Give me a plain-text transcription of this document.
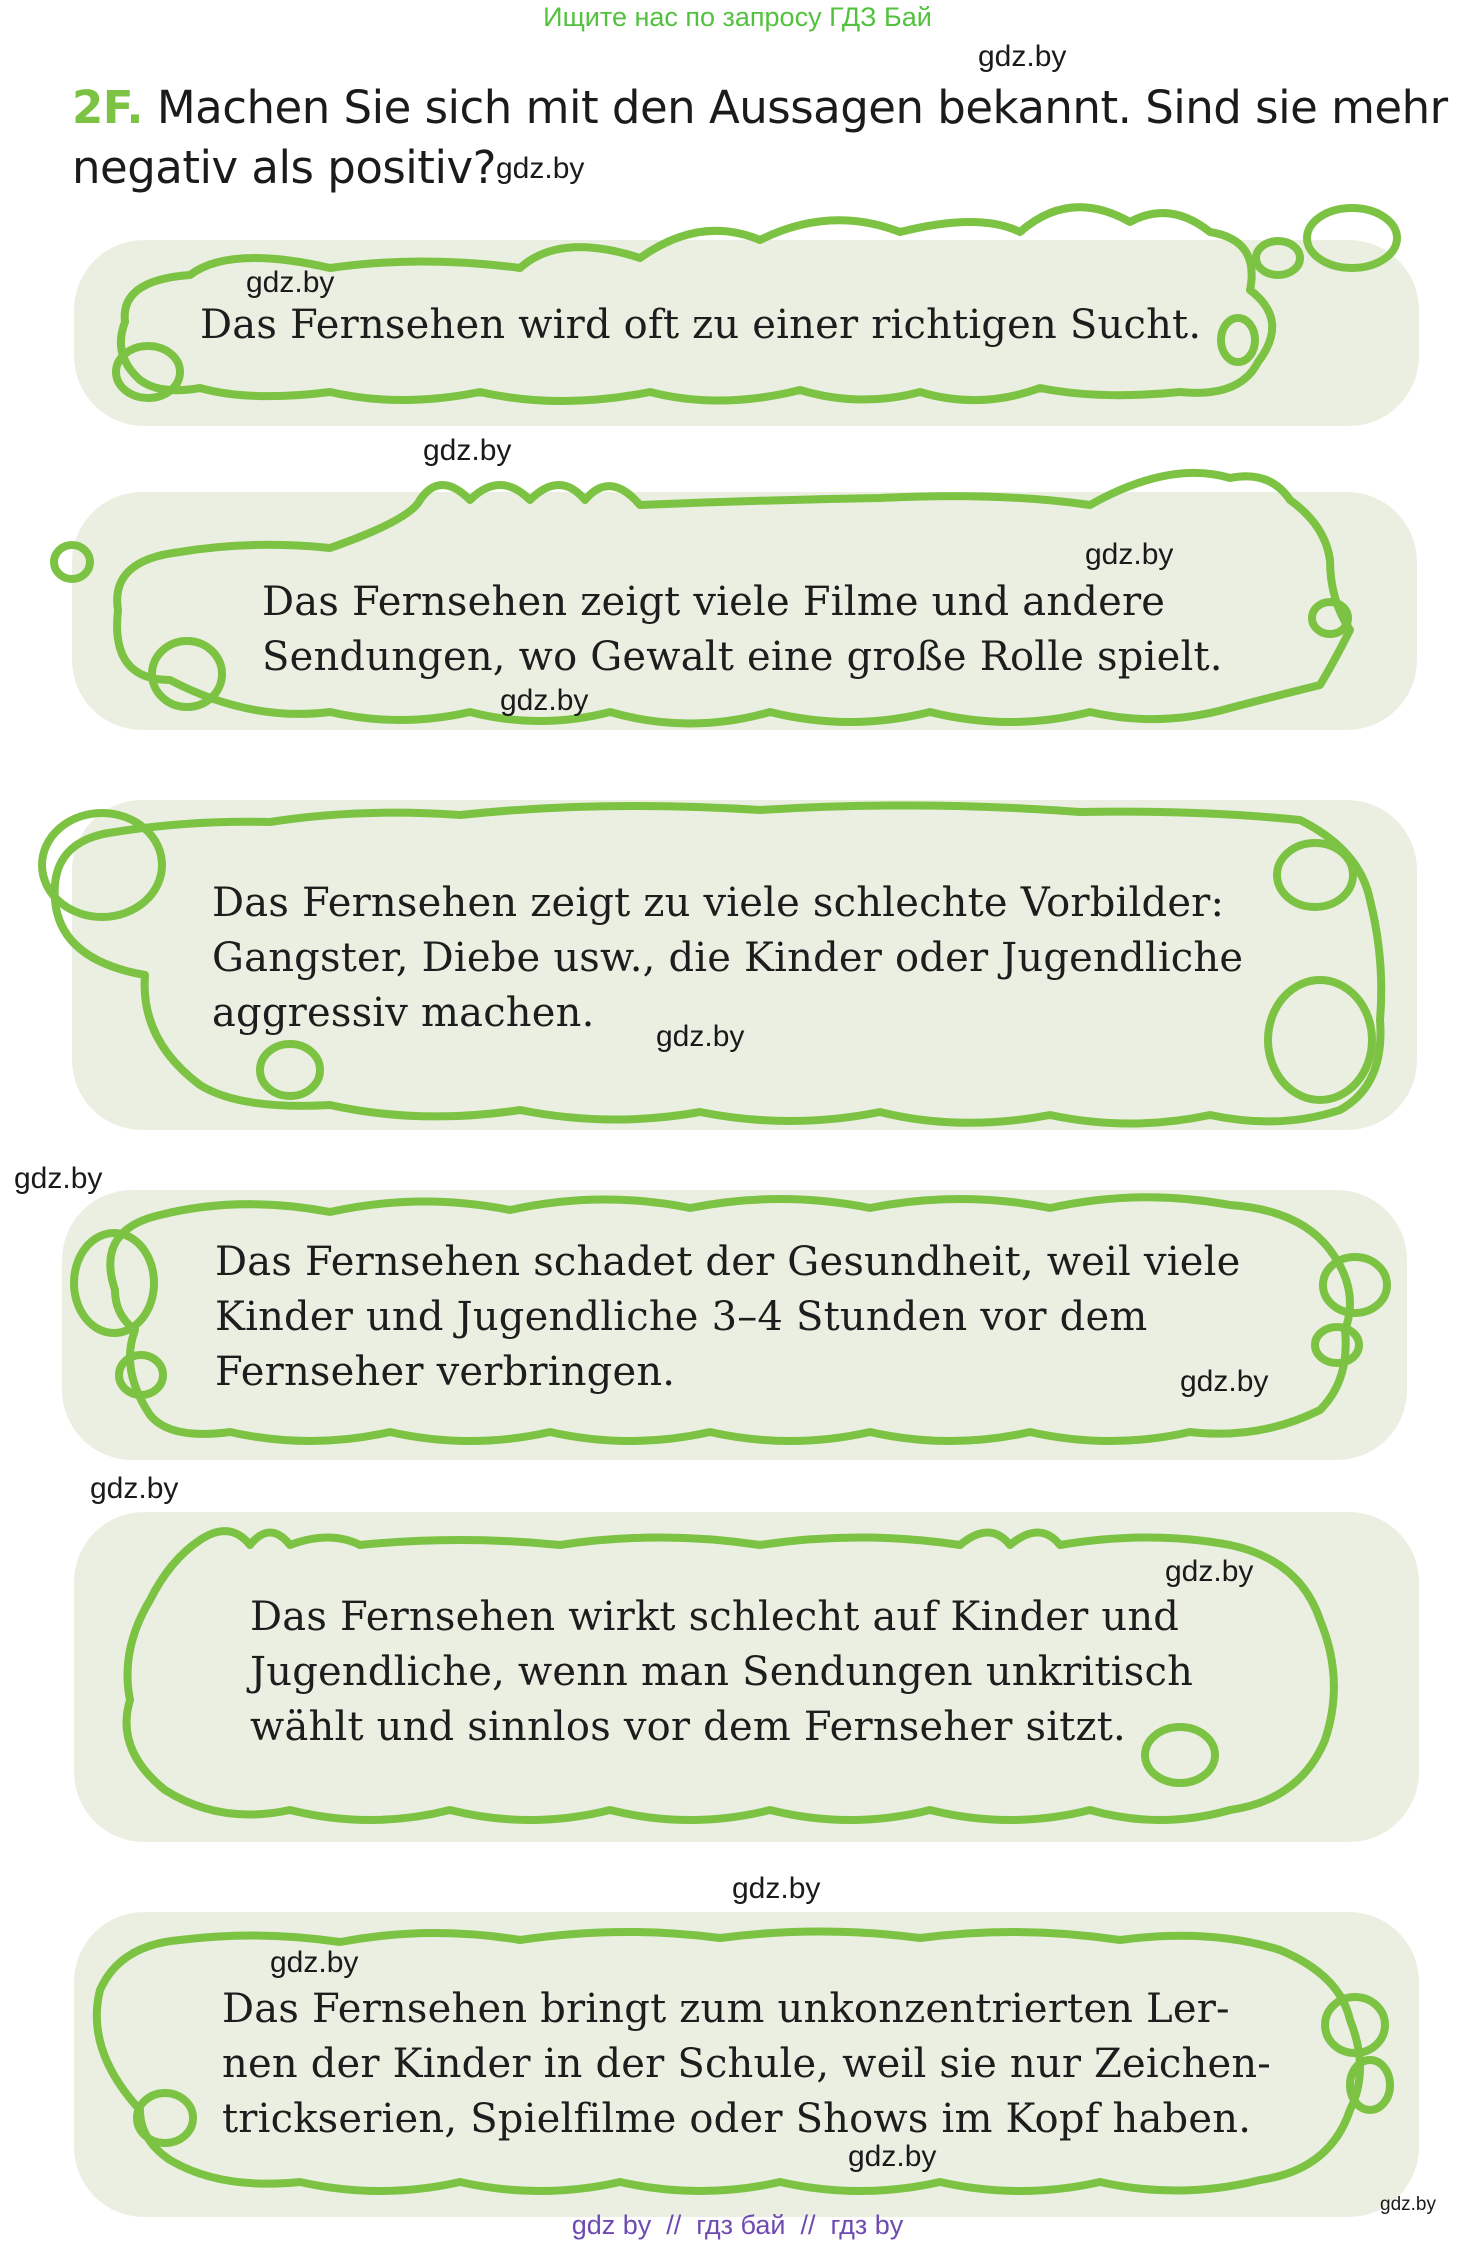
Ищите нас по запросу ГДЗ Бай
2F. Machen Sie sich mit den Aussagen bekannt. Sind sie mehr negativ als positiv?
Das Fernsehen wird oft zu einer richtigen Sucht.
Das Fernsehen zeigt viele Filme und andere
Sendungen, wo Gewalt eine große Rolle spielt.
Das Fernsehen zeigt zu viele schlechte Vorbilder:
Gangster, Diebe usw., die Kinder oder Jugendliche
aggressiv machen.
Das Fernsehen schadet der Gesundheit, weil viele
Kinder und Jugendliche 3–4 Stunden vor dem
Fernseher verbringen.
Das Fernsehen wirkt schlecht auf Kinder und
Jugendliche, wenn man Sendungen unkritisch
wählt und sinnlos vor dem Fernseher sitzt.
Das Fernsehen bringt zum unkonzentrierten Ler-
nen der Kinder in der Schule, weil sie nur Zeichen-
trickserien, Spielfilme oder Shows im Kopf haben.
gdz.by
gdz.by
gdz.by
gdz.by
gdz.by
gdz.by
gdz.by
gdz.by
gdz.by
gdz.by
gdz.by
gdz.by
gdz.by
gdz.by
gdz.by
gdz by  //  гдз бай  //  гдз by
